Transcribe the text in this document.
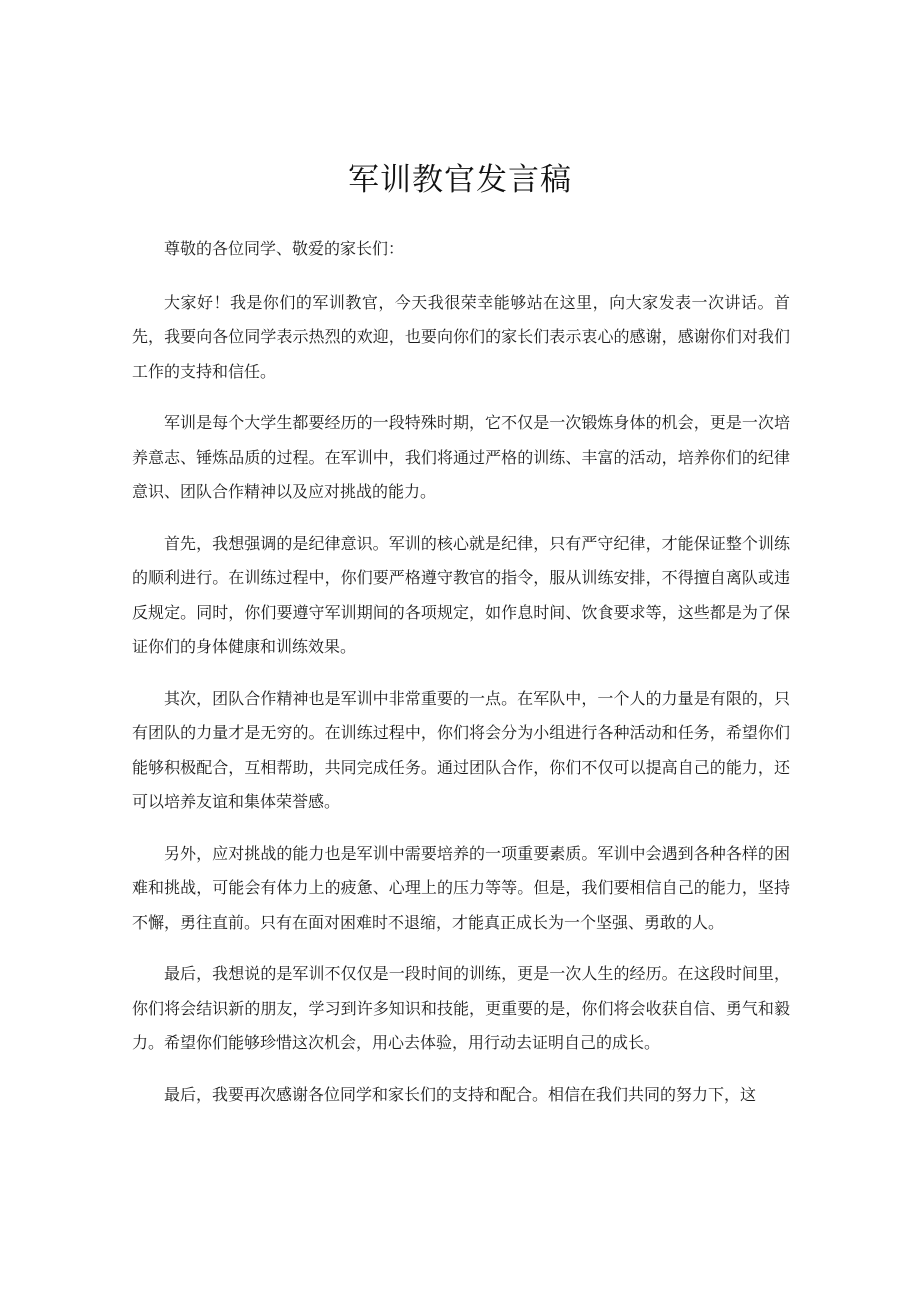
军训教官发言稿

尊敬的各位同学、敬爱的家长们：

大家好！我是你们的军训教官，今天我很荣幸能够站在这里，向大家发表一次讲话。首先，我要向各位同学表示热烈的欢迎，也要向你们的家长们表示衷心的感谢，感谢你们对我们工作的支持和信任。

军训是每个大学生都要经历的一段特殊时期，它不仅是一次锻炼身体的机会，更是一次培养意志、锤炼品质的过程。在军训中，我们将通过严格的训练、丰富的活动，培养你们的纪律意识、团队合作精神以及应对挑战的能力。

首先，我想强调的是纪律意识。军训的核心就是纪律，只有严守纪律，才能保证整个训练的顺利进行。在训练过程中，你们要严格遵守教官的指令，服从训练安排，不得擅自离队或违反规定。同时，你们要遵守军训期间的各项规定，如作息时间、饮食要求等，这些都是为了保证你们的身体健康和训练效果。

其次，团队合作精神也是军训中非常重要的一点。在军队中，一个人的力量是有限的，只有团队的力量才是无穷的。在训练过程中，你们将会分为小组进行各种活动和任务，希望你们能够积极配合，互相帮助，共同完成任务。通过团队合作，你们不仅可以提高自己的能力，还可以培养友谊和集体荣誉感。

另外，应对挑战的能力也是军训中需要培养的一项重要素质。军训中会遇到各种各样的困难和挑战，可能会有体力上的疲惫、心理上的压力等等。但是，我们要相信自己的能力，坚持不懈，勇往直前。只有在面对困难时不退缩，才能真正成长为一个坚强、勇敢的人。

最后，我想说的是军训不仅仅是一段时间的训练，更是一次人生的经历。在这段时间里，你们将会结识新的朋友，学习到许多知识和技能，更重要的是，你们将会收获自信、勇气和毅力。希望你们能够珍惜这次机会，用心去体验，用行动去证明自己的成长。

最后，我要再次感谢各位同学和家长们的支持和配合。相信在我们共同的努力下，这
